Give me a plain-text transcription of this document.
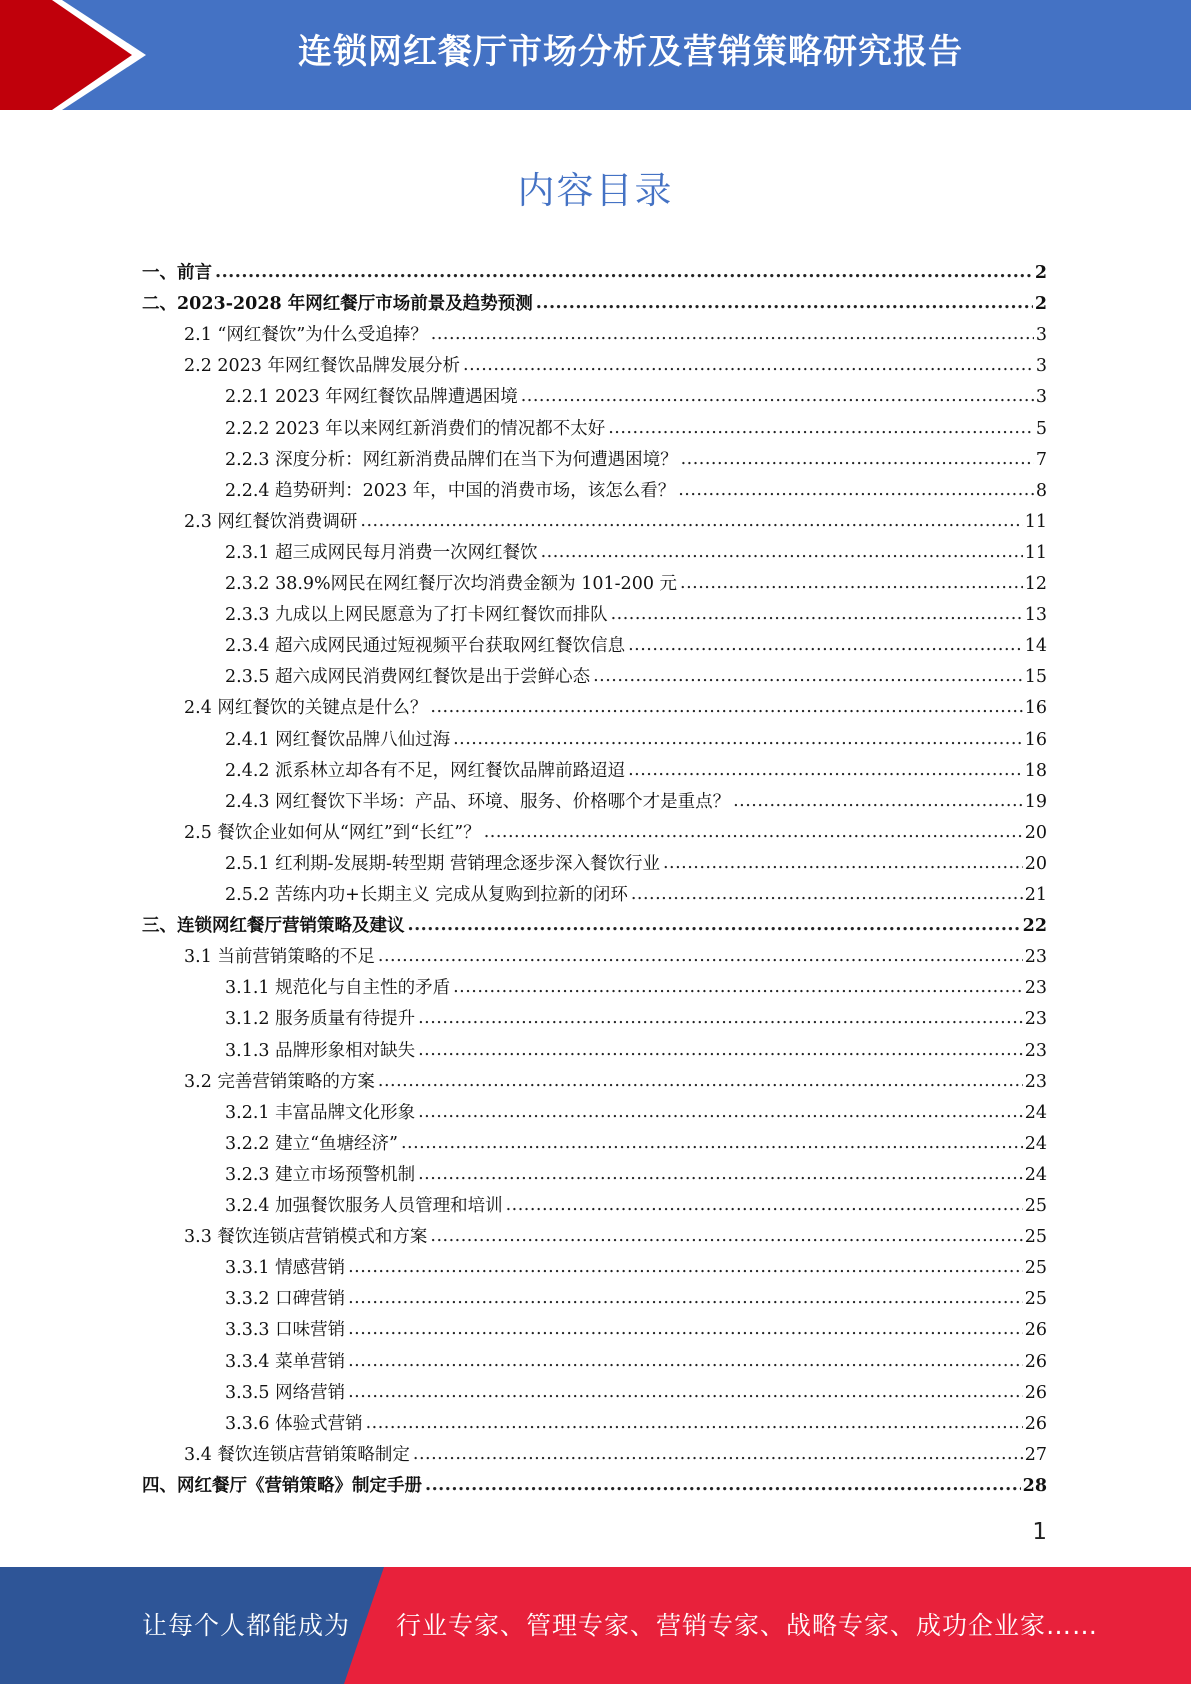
连锁网红餐厅市场分析及营销策略研究报告
内容目录
一、前言 .....	2
二、2023-2028 年网红餐厅市场前景及趋势预测 .....	2
2.1 “网红餐饮”为什么受追捧？ .....	3
2.2 2023 年网红餐饮品牌发展分析 .....	3
2.2.1 2023 年网红餐饮品牌遭遇困境 .....	3
2.2.2 2023 年以来网红新消费们的情况都不太好 .....	5
2.2.3 深度分析：网红新消费品牌们在当下为何遭遇困境？ .....	7
2.2.4 趋势研判：2023 年，中国的消费市场，该怎么看？ .....	8
2.3 网红餐饮消费调研 .....	11
2.3.1 超三成网民每月消费一次网红餐饮 .....	11
2.3.2 38.9%网民在网红餐厅次均消费金额为 101-200 元 .....	12
2.3.3 九成以上网民愿意为了打卡网红餐饮而排队 .....	13
2.3.4 超六成网民通过短视频平台获取网红餐饮信息 .....	14
2.3.5 超六成网民消费网红餐饮是出于尝鲜心态 .....	15
2.4 网红餐饮的关键点是什么？ .....	16
2.4.1 网红餐饮品牌八仙过海 .....	16
2.4.2 派系林立却各有不足，网红餐饮品牌前路迢迢 .....	18
2.4.3 网红餐饮下半场：产品、环境、服务、价格哪个才是重点？ .....	19
2.5 餐饮企业如何从“网红”到“长红”？ .....	20
2.5.1 红利期-发展期-转型期 营销理念逐步深入餐饮行业 .....	20
2.5.2 苦练内功+长期主义 完成从复购到拉新的闭环 .....	21
三、连锁网红餐厅营销策略及建议 .....	22
3.1 当前营销策略的不足 .....	23
3.1.1 规范化与自主性的矛盾 .....	23
3.1.2 服务质量有待提升 .....	23
3.1.3 品牌形象相对缺失 .....	23
3.2 完善营销策略的方案 .....	23
3.2.1 丰富品牌文化形象 .....	24
3.2.2 建立“鱼塘经济” .....	24
3.2.3 建立市场预警机制 .....	24
3.2.4 加强餐饮服务人员管理和培训 .....	25
3.3 餐饮连锁店营销模式和方案 .....	25
3.3.1 情感营销 .....	25
3.3.2 口碑营销 .....	25
3.3.3 口味营销 .....	26
3.3.4 菜单营销 .....	26
3.3.5 网络营销 .....	26
3.3.6 体验式营销 .....	26
3.4 餐饮连锁店营销策略制定 .....	27
四、网红餐厅《营销策略》制定手册 .....	28
1
让每个人都能成为 行业专家、管理专家、营销专家、战略专家、成功企业家……
